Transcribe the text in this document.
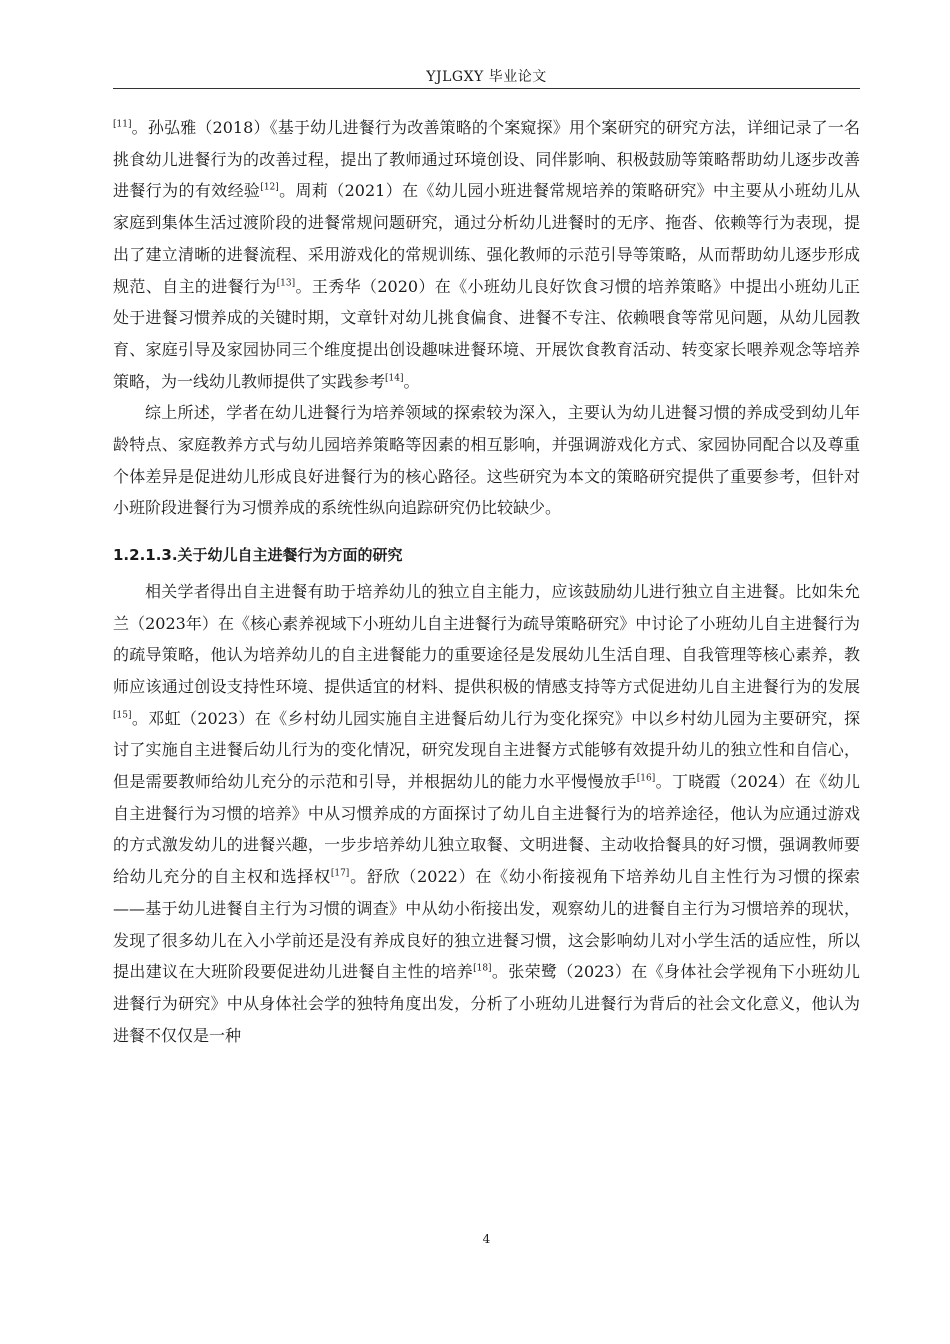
YJLGXY 毕业论文

[11]。孙弘雅（2018）《基于幼儿进餐行为改善策略的个案窥探》用个案研究的研究方法，详细记录了一名挑食幼儿进餐行为的改善过程，提出了教师通过环境创设、同伴影响、积极鼓励等策略帮助幼儿逐步改善进餐行为的有效经验[12]。周莉（2021）在《幼儿园小班进餐常规培养的策略研究》中主要从小班幼儿从家庭到集体生活过渡阶段的进餐常规问题研究，通过分析幼儿进餐时的无序、拖沓、依赖等行为表现，提出了建立清晰的进餐流程、采用游戏化的常规训练、强化教师的示范引导等策略，从而帮助幼儿逐步形成规范、自主的进餐行为[13]。王秀华（2020）在《小班幼儿良好饮食习惯的培养策略》中提出小班幼儿正处于进餐习惯养成的关键时期，文章针对幼儿挑食偏食、进餐不专注、依赖喂食等常见问题，从幼儿园教育、家庭引导及家园协同三个维度提出创设趣味进餐环境、开展饮食教育活动、转变家长喂养观念等培养策略，为一线幼儿教师提供了实践参考[14]。

综上所述，学者在幼儿进餐行为培养领域的探索较为深入，主要认为幼儿进餐习惯的养成受到幼儿年龄特点、家庭教养方式与幼儿园培养策略等因素的相互影响，并强调游戏化方式、家园协同配合以及尊重个体差异是促进幼儿形成良好进餐行为的核心路径。这些研究为本文的策略研究提供了重要参考，但针对小班阶段进餐行为习惯养成的系统性纵向追踪研究仍比较缺少。

1.2.1.3.关于幼儿自主进餐行为方面的研究

相关学者得出自主进餐有助于培养幼儿的独立自主能力，应该鼓励幼儿进行独立自主进餐。比如朱允兰（2023年）在《核心素养视域下小班幼儿自主进餐行为疏导策略研究》中讨论了小班幼儿自主进餐行为的疏导策略，他认为培养幼儿的自主进餐能力的重要途径是发展幼儿生活自理、自我管理等核心素养，教师应该通过创设支持性环境、提供适宜的材料、提供积极的情感支持等方式促进幼儿自主进餐行为的发展[15]。邓虹（2023）在《乡村幼儿园实施自主进餐后幼儿行为变化探究》中以乡村幼儿园为主要研究，探讨了实施自主进餐后幼儿行为的变化情况，研究发现自主进餐方式能够有效提升幼儿的独立性和自信心，但是需要教师给幼儿充分的示范和引导，并根据幼儿的能力水平慢慢放手[16]。丁晓霞（2024）在《幼儿自主进餐行为习惯的培养》中从习惯养成的方面探讨了幼儿自主进餐行为的培养途径，他认为应通过游戏的方式激发幼儿的进餐兴趣，一步步培养幼儿独立取餐、文明进餐、主动收拾餐具的好习惯，强调教师要给幼儿充分的自主权和选择权[17]。舒欣（2022）在《幼小衔接视角下培养幼儿自主性行为习惯的探索——基于幼儿进餐自主行为习惯的调查》中从幼小衔接出发，观察幼儿的进餐自主行为习惯培养的现状，发现了很多幼儿在入小学前还是没有养成良好的独立进餐习惯，这会影响幼儿对小学生活的适应性，所以提出建议在大班阶段要促进幼儿进餐自主性的培养[18]。张荣鹭（2023）在《身体社会学视角下小班幼儿进餐行为研究》中从身体社会学的独特角度出发，分析了小班幼儿进餐行为背后的社会文化意义，他认为进餐不仅仅是一种

4
